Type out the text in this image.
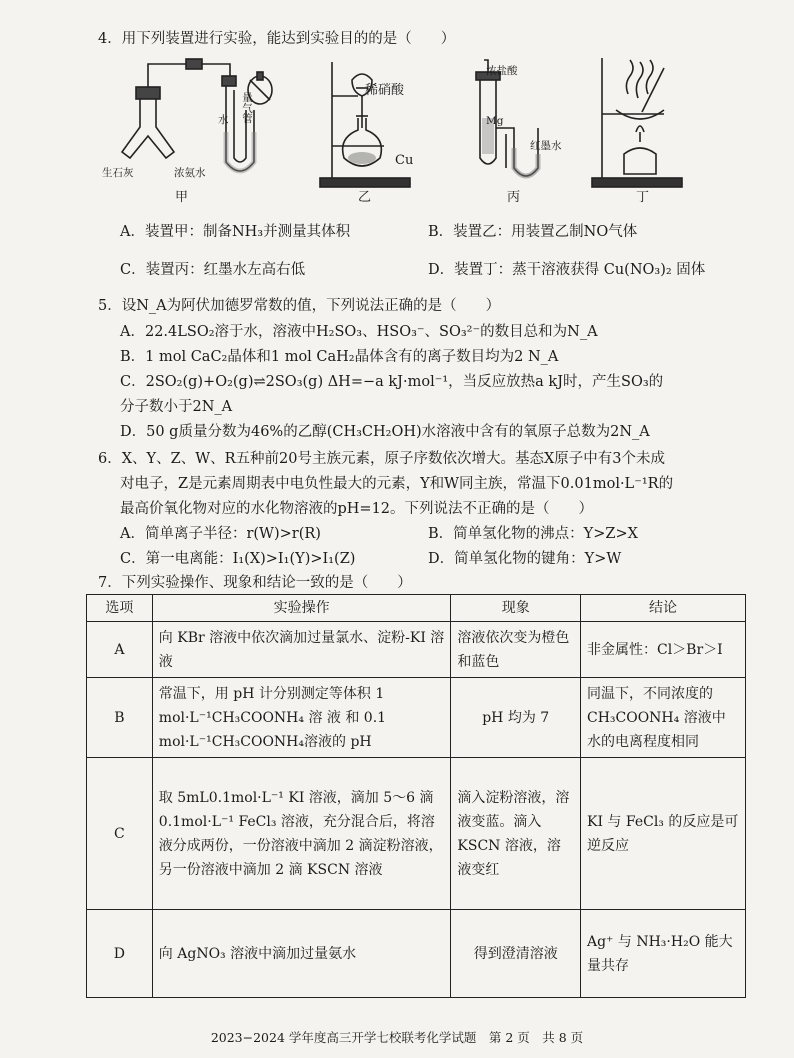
4．用下列装置进行实验，能达到实验目的的是（　　）
生石灰	浓氨水
水 量气管
甲
稀硝酸
Cu
乙
浓盐酸
Mg
红墨水
丙	丁
A．装置甲：制备NH₃并测量其体积	B．装置乙：用装置乙制NO气体
C．装置丙：红墨水左高右低	D．装置丁：蒸干溶液获得 Cu(NO₃)₂ 固体
5．设N_A为阿伏加德罗常数的值，下列说法正确的是（　　）
A．22.4LSO₂溶于水，溶液中H₂SO₃、HSO₃⁻、SO₃²⁻的数目总和为N_A
B．1 mol CaC₂晶体和1 mol CaH₂晶体含有的离子数目均为2 N_A
C．2SO₂(g)+O₂(g)⇌2SO₃(g) ΔH=−a kJ·mol⁻¹，当反应放热a kJ时，产生SO₃的
分子数小于2N_A
D．50 g质量分数为46%的乙醇(CH₃CH₂OH)水溶液中含有的氧原子总数为2N_A
6．X、Y、Z、W、R五种前20号主族元素，原子序数依次增大。基态X原子中有3个未成
对电子，Z是元素周期表中电负性最大的元素，Y和W同主族，常温下0.01mol·L⁻¹R的
最高价氧化物对应的水化物溶液的pH=12。下列说法不正确的是（　　）
A．简单离子半径：r(W)>r(R)	B．简单氢化物的沸点：Y>Z>X
C．第一电离能：I₁(X)>I₁(Y)>I₁(Z)	D．简单氢化物的键角：Y>W
7．下列实验操作、现象和结论一致的是（　　）
选项	实验操作	现象	结论
A	向 KBr 溶液中依次滴加过量氯水、淀粉-KI 溶液	溶液依次变为橙色和蓝色	非金属性：Cl＞Br＞I
B	常温下，用 pH 计分别测定等体积 1 mol·L⁻¹CH₃COONH₄ 溶 液 和 0.1 mol·L⁻¹CH₃COONH₄溶液的 pH	pH 均为 7	同温下，不同浓度的CH₃COONH₄ 溶液中水的电离程度相同
C	取 5mL0.1mol·L⁻¹ KI 溶液，滴加 5～6 滴 0.1mol·L⁻¹ FeCl₃ 溶液，充分混合后，将溶液分成两份，一份溶液中滴加 2 滴淀粉溶液，另一份溶液中滴加 2 滴 KSCN 溶液	滴入淀粉溶液，溶液变蓝。滴入 KSCN 溶液，溶液变红	KI 与 FeCl₃ 的反应是可逆反应
D	向 AgNO₃ 溶液中滴加过量氨水	得到澄清溶液	Ag⁺ 与 NH₃·H₂O 能大量共存
2023−2024 学年度高三开学七校联考化学试题　第 2 页　共 8 页
